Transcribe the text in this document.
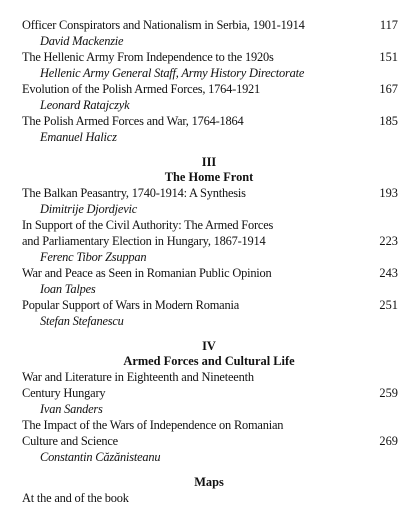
Officer Conspirators and Nationalism in Serbia, 1901-1914	117
David Mackenzie
The Hellenic Army From Independence to the 1920s	151
Hellenic Army General Staff, Army History Directorate
Evolution of the Polish Armed Forces, 1764-1921	167
Leonard Ratajczyk
The Polish Armed Forces and War, 1764-1864	185
Emanuel Halicz
III
The Home Front
The Balkan Peasantry, 1740-1914: A Synthesis	193
Dimitrije Djordjevic
In Support of the Civil Authority: The Armed Forces
and Parliamentary Election in Hungary, 1867-1914	223
Ferenc Tibor Zsuppan
War and Peace as Seen in Romanian Public Opinion	243
Ioan Talpes
Popular Support of Wars in Modern Romania	251
Stefan Stefanescu
IV
Armed Forces and Cultural Life
War and Literature in Eighteenth and Nineteenth
Century Hungary	259
Ivan Sanders
The Impact of the Wars of Independence on Romanian
Culture and Science	269
Constantin Căzănisteanu
Maps
At the and of the book
